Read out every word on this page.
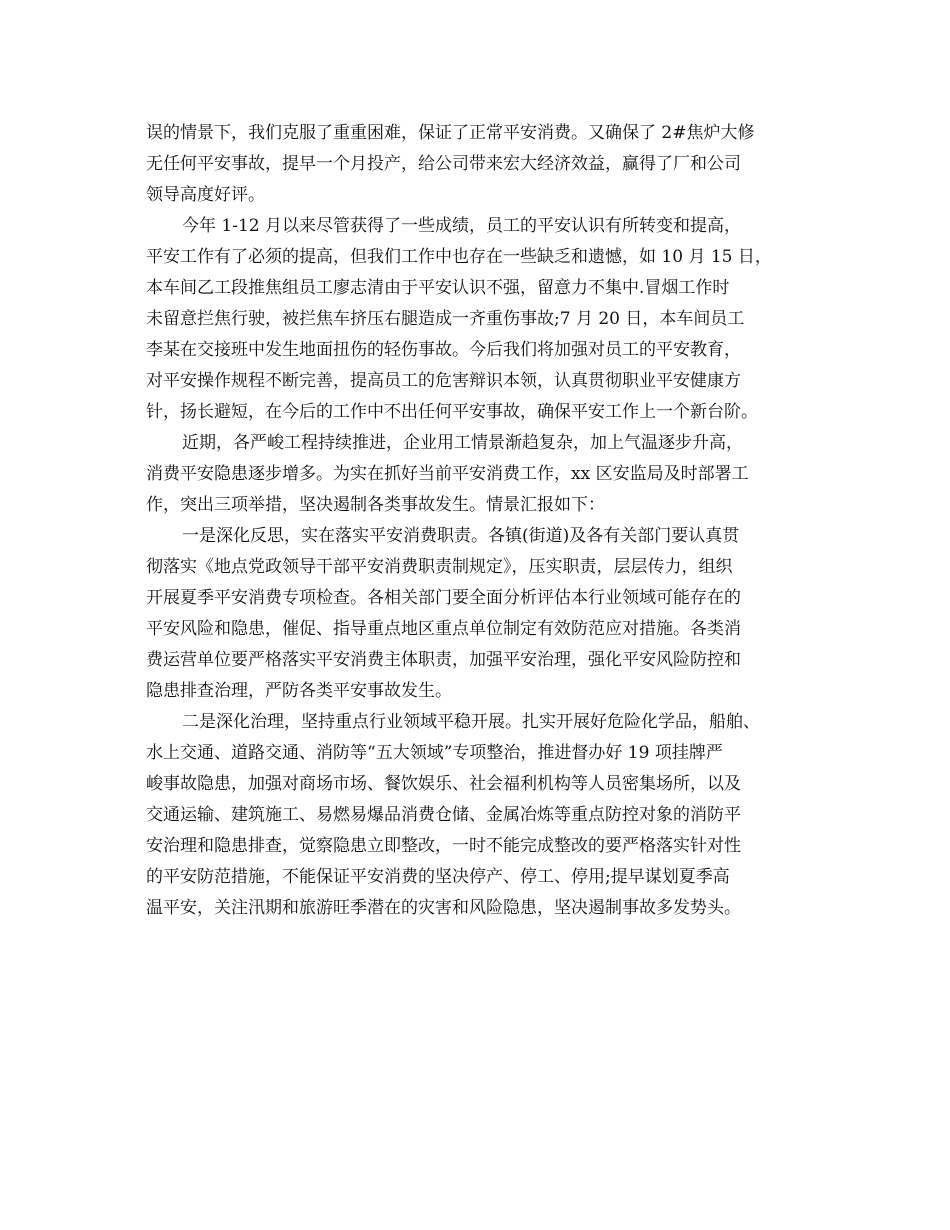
误的情景下，我们克服了重重困难，保证了正常平安消费。又确保了 2#焦炉大修
无任何平安事故，提早一个月投产，给公司带来宏大经济效益，赢得了厂和公司
领导高度好评。
今年 1-12 月以来尽管获得了一些成绩，员工的平安认识有所转变和提高，
平安工作有了必须的提高，但我们工作中也存在一些缺乏和遗憾，如 10 月 15 日，
本车间乙工段推焦组员工廖志清由于平安认识不强，留意力不集中.冒烟工作时
未留意拦焦行驶，被拦焦车挤压右腿造成一齐重伤事故;7 月 20 日，本车间员工
李某在交接班中发生地面扭伤的轻伤事故。今后我们将加强对员工的平安教育，
对平安操作规程不断完善，提高员工的危害辩识本领，认真贯彻职业平安健康方
针，扬长避短，在今后的工作中不出任何平安事故，确保平安工作上一个新台阶。
近期，各严峻工程持续推进，企业用工情景渐趋复杂，加上气温逐步升高，
消费平安隐患逐步增多。为实在抓好当前平安消费工作，xx 区安监局及时部署工
作，突出三项举措，坚决遏制各类事故发生。情景汇报如下：
一是深化反思，实在落实平安消费职责。各镇(街道)及各有关部门要认真贯
彻落实《地点党政领导干部平安消费职责制规定》，压实职责，层层传力，组织
开展夏季平安消费专项检查。各相关部门要全面分析评估本行业领域可能存在的
平安风险和隐患，催促、指导重点地区重点单位制定有效防范应对措施。各类消
费运营单位要严格落实平安消费主体职责，加强平安治理，强化平安风险防控和
隐患排查治理，严防各类平安事故发生。
二是深化治理，坚持重点行业领域平稳开展。扎实开展好危险化学品，船舶、
水上交通、道路交通、消防等“五大领域”专项整治，推进督办好 19 项挂牌严
峻事故隐患，加强对商场市场、餐饮娱乐、社会福利机构等人员密集场所，以及
交通运输、建筑施工、易燃易爆品消费仓储、金属冶炼等重点防控对象的消防平
安治理和隐患排查，觉察隐患立即整改，一时不能完成整改的要严格落实针对性
的平安防范措施，不能保证平安消费的坚决停产、停工、停用;提早谋划夏季高
温平安，关注汛期和旅游旺季潜在的灾害和风险隐患，坚决遏制事故多发势头。
